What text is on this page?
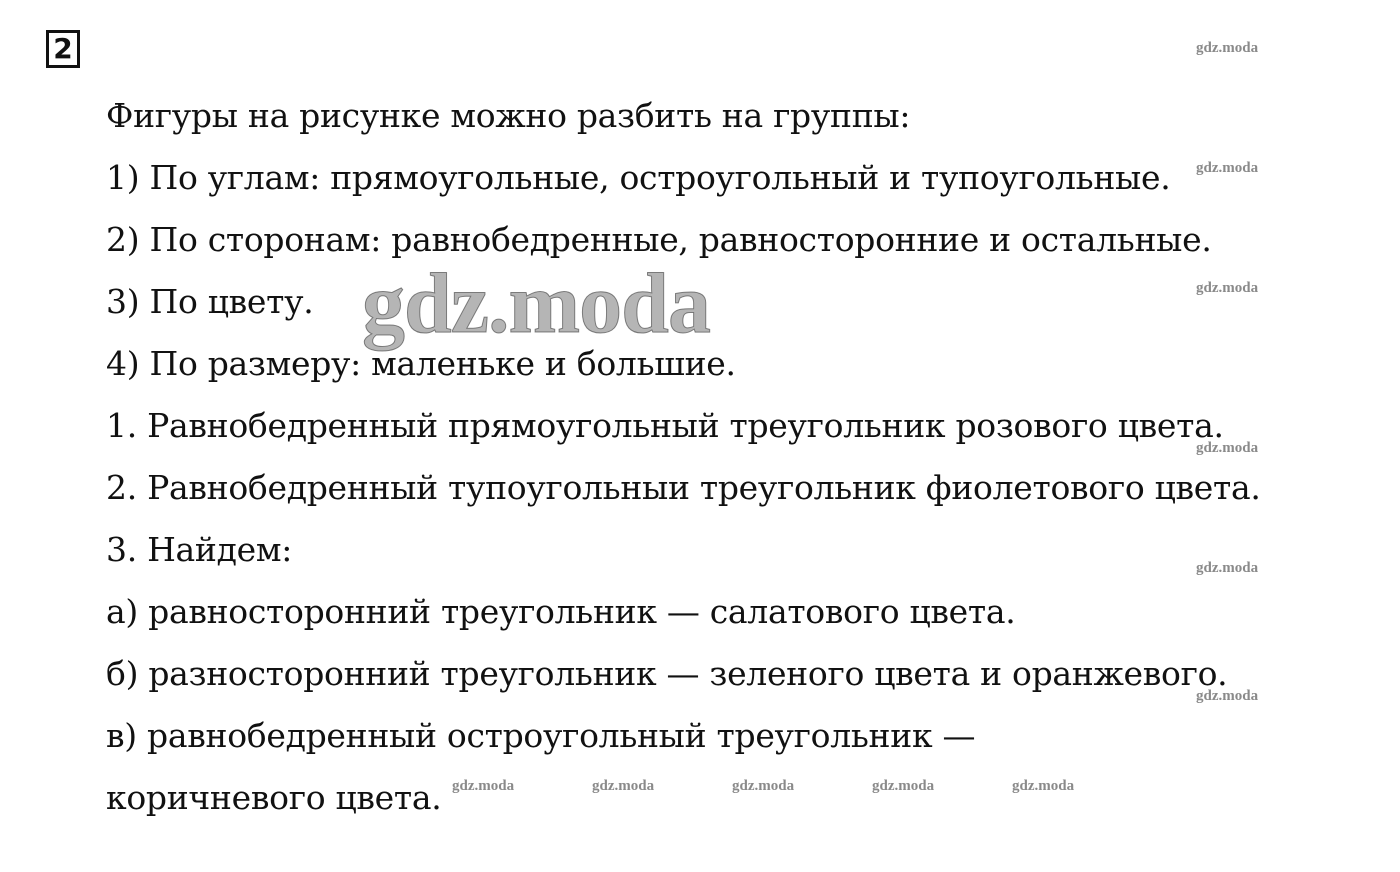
2
Фигуры на рисунке можно разбить на группы:
1) По углам: прямоугольные, остроугольный и тупоугольные.
2) По сторонам: равнобедренные, равносторонние и остальные.
3) По цвету.
4) По размеру: маленьке и большие.
1. Равнобедренный прямоугольный треугольник розового цвета.
2. Равнобедренный тупоугольныи треугольник фиолетового цвета.
3. Найдем:
а) равносторонний треугольник — салатового цвета.
б) разносторонний треугольник — зеленого цвета и оранжевого.
в) равнобедренный остроугольный треугольник —
коричневого цвета.
gdz.moda
gdz.moda
gdz.moda
gdz.moda
gdz.moda
gdz.moda
gdz.moda
gdz.moda	gdz.moda	gdz.moda	gdz.moda	gdz.moda
